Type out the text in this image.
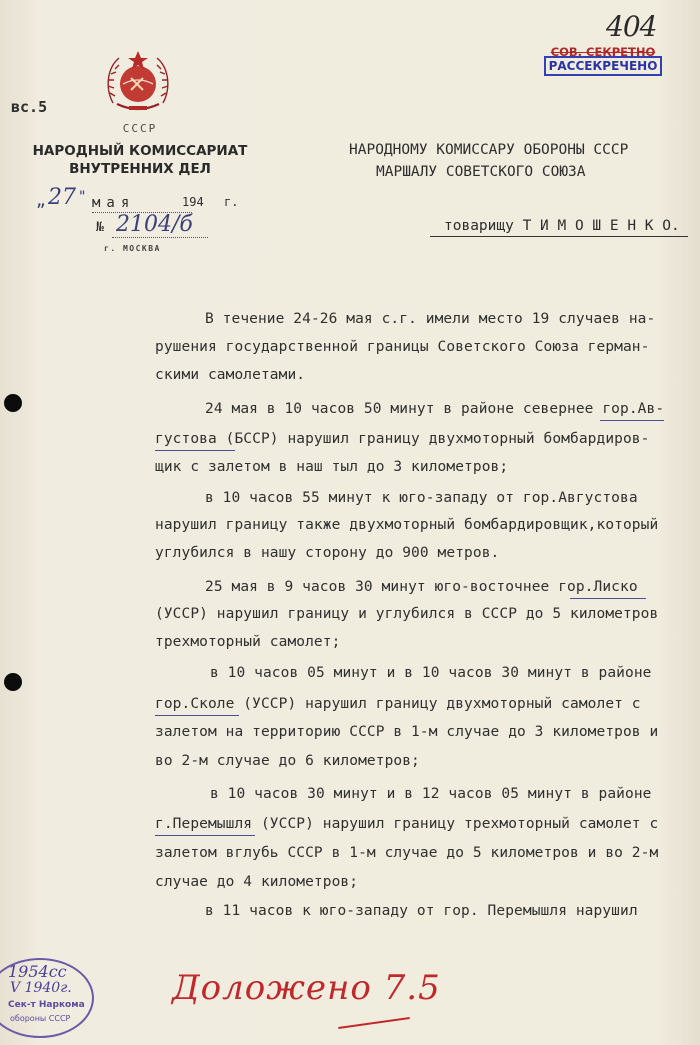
404
СОВ. СЕКРЕТНО
РАССЕКРЕЧЕНО
вс.5
СССР
НАРОДНЫЙ КОМИССАРИАТ
ВНУТРЕННИХ ДЕЛ
„ 27 " мая	194 г.
№ 2104/б
г. МОСКВА
НАРОДНОМУ КОМИССАРУ ОБОРОНЫ СССР
МАРШАЛУ СОВЕТСКОГО СОЮЗА
товарищу Т И М О Ш Е Н К О.
В течение 24-26 мая с.г. имели место 19 случаев на-
рушения государственной границы Советского Союза герман-
скими самолетами.
24 мая в 10 часов 50 минут в районе севернее гор.Ав-
густова (БССР) нарушил границу двухмоторный бомбардиров-
щик с залетом в наш тыл до 3 километров;
в 10 часов 55 минут к юго-западу от гор.Августова
нарушил границу также двухмоторный бомбардировщик,который
углубился в нашу сторону до 900 метров.
25 мая в 9 часов 30 минут юго-восточнее гор.Лиско
(УССР) нарушил границу и углубился в СССР до 5 километров
трехмоторный самолет;
в 10 часов 05 минут и в 10 часов 30 минут в районе
гор.Сколе (УССР) нарушил границу двухмоторный самолет с
залетом на территорию СССР в 1-м случае до 3 километров и
во 2-м случае до 6 километров;
в 10 часов 30 минут и в 12 часов 05 минут в районе
г.Перемышля (УССР) нарушил границу трехмоторный самолет с
залетом вглубь СССР в 1-м случае до 5 километров и во 2-м
случае до 4 километров;
в 11 часов к юго-западу от гор. Перемышля нарушил
1954сс
V 1940г.
Сек-т Наркома
обороны СССР
Доложено 7.5
